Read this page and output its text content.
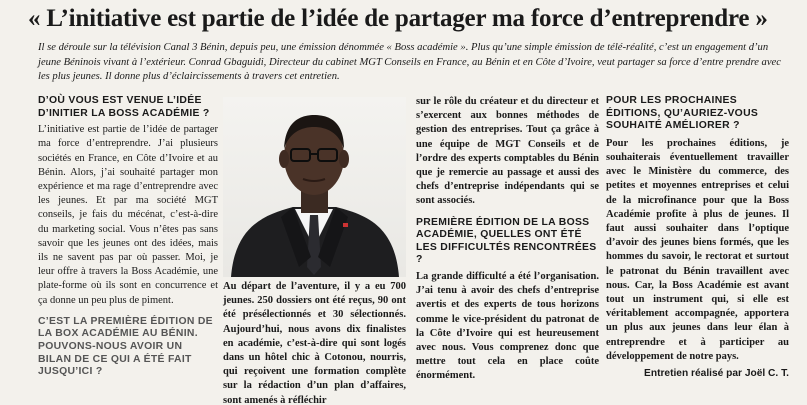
« L’initiative est partie de l’idée de partager ma force d’entreprendre »

Il se déroule sur la télévision Canal 3 Bénin, depuis peu, une émission dénommée « Boss académie ». Plus qu’une simple émission de télé-réalité, c’est un engagement d’un jeune Béninois vivant à l’extérieur. Conrad Gbaguidi, Directeur du cabinet MGT Conseils en France, au Bénin et en Côte d’Ivoire, veut partager sa force d’entre prendre avec les plus jeunes. Il donne plus d’éclaircissements à travers cet entretien.

D’OÙ VOUS EST VENUE L’IDÉE D’INITIER LA BOSS ACADÉMIE ?

L’initiative est partie de l’idée de partager ma force d’entreprendre. J’ai plusieurs sociétés en France, en Côte d’Ivoire et au Bénin. Alors, j’ai souhaité partager mon expérience et ma rage d’entreprendre avec les jeunes. Et par ma société MGT conseils, je fais du mécénat, c’est-à-dire du marketing social. Vous n’êtes pas sans savoir que les jeunes ont des idées, mais ils ne savent pas par où passer. Moi, je leur offre à travers la Boss Académie, une plate-forme où ils sont en concurrence et ça donne un peu plus de piment.

C’EST LA PREMIÈRE ÉDITION DE LA BOX ACADÉMIE AU BÉNIN. POUVONS-NOUS AVOIR UN BILAN DE CE QUI A ÉTÉ FAIT JUSQU’ICI ?

Au départ de l’aventure, il y a eu 700 jeunes. 250 dossiers ont été reçus, 90 ont été présélectionnés et 30 sélectionnés. Aujourd’hui, nous avons dix finalistes en académie, c’est-à-dire qui sont logés dans un hôtel chic à Cotonou, nourris, qui reçoivent une formation complète sur la rédaction d’un plan d’affaires, sont amenés à réfléchir

sur le rôle du créateur et du directeur et s’exercent aux bonnes méthodes de gestion des entreprises. Tout ça grâce à une équipe de MGT Conseils et de l’ordre des experts comptables du Bénin que je remercie au passage et aussi des chefs d’entreprise indépendants qui se sont associés.

PREMIÈRE ÉDITION DE LA BOSS ACADÉMIE, QUELLES ONT ÉTÉ LES DIFFICULTÉS RENCONTRÉES ?

La grande difficulté a été l’organisation. J’ai tenu à avoir des chefs d’entreprise avertis et des experts de tous horizons comme le vice-président du patronat de la Côte d’Ivoire qui est heureusement avec nous. Vous comprenez donc que mettre tout cela en place coûte énormément.

POUR LES PROCHAINES ÉDITIONS, QU’AURIEZ-VOUS SOUHAITÉ AMÉLIORER ?

Pour les prochaines éditions, je souhaiterais éventuellement travailler avec le Ministère du commerce, des petites et moyennes entreprises et celui de la microfinance pour que la Boss Académie profite à plus de jeunes. Il faut aussi souhaiter dans l’optique d’avoir des jeunes biens formés, que les hommes du savoir, le rectorat et surtout le patronat du Bénin travaillent avec nous. Car, la Boss Académie est avant tout un instrument qui, si elle est véritablement accompagnée, apportera un plus aux jeunes dans leur élan à entreprendre et à participer au développement de notre pays.

Entretien réalisé par Joël C. T.
